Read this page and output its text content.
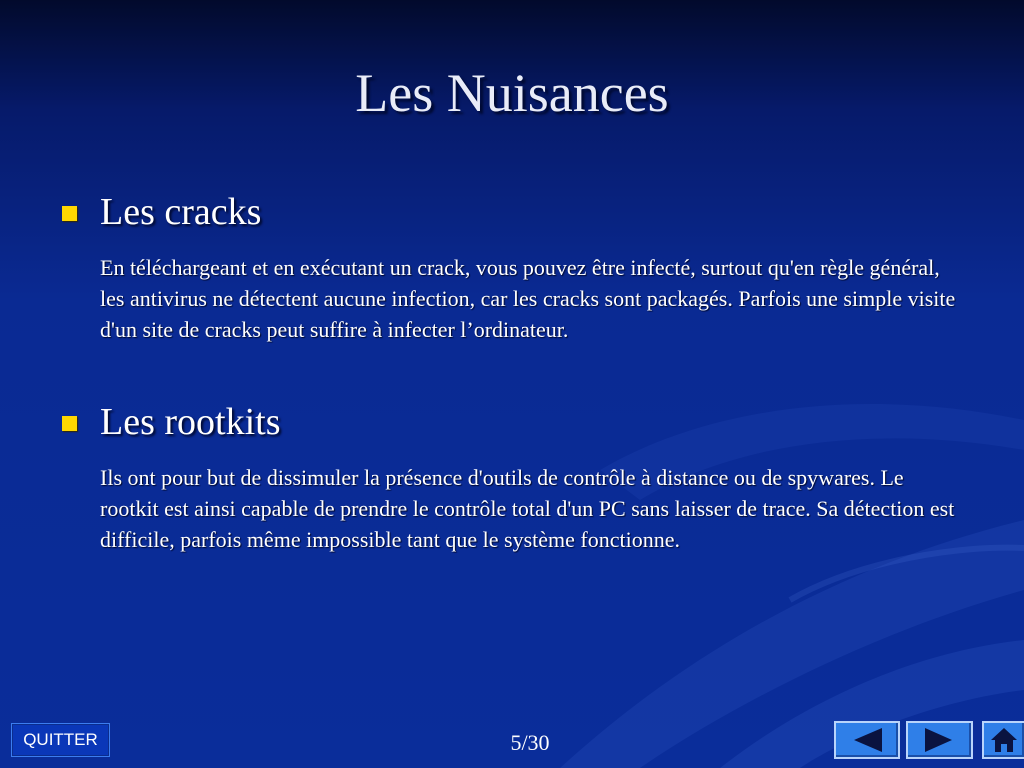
Les Nuisances
Les cracks
En téléchargeant et en exécutant un crack, vous pouvez être infecté, surtout qu'en règle général, les antivirus ne détectent aucune infection, car les cracks sont packagés. Parfois une simple visite d'un site de cracks peut suffire à infecter l’ordinateur.
Les rootkits
Ils ont pour but de dissimuler la présence d'outils de contrôle à distance ou de spywares. Le rootkit est ainsi capable de prendre le contrôle total d'un PC sans laisser de trace. Sa détection est difficile, parfois même impossible tant que le système fonctionne.
QUITTER	5/30
